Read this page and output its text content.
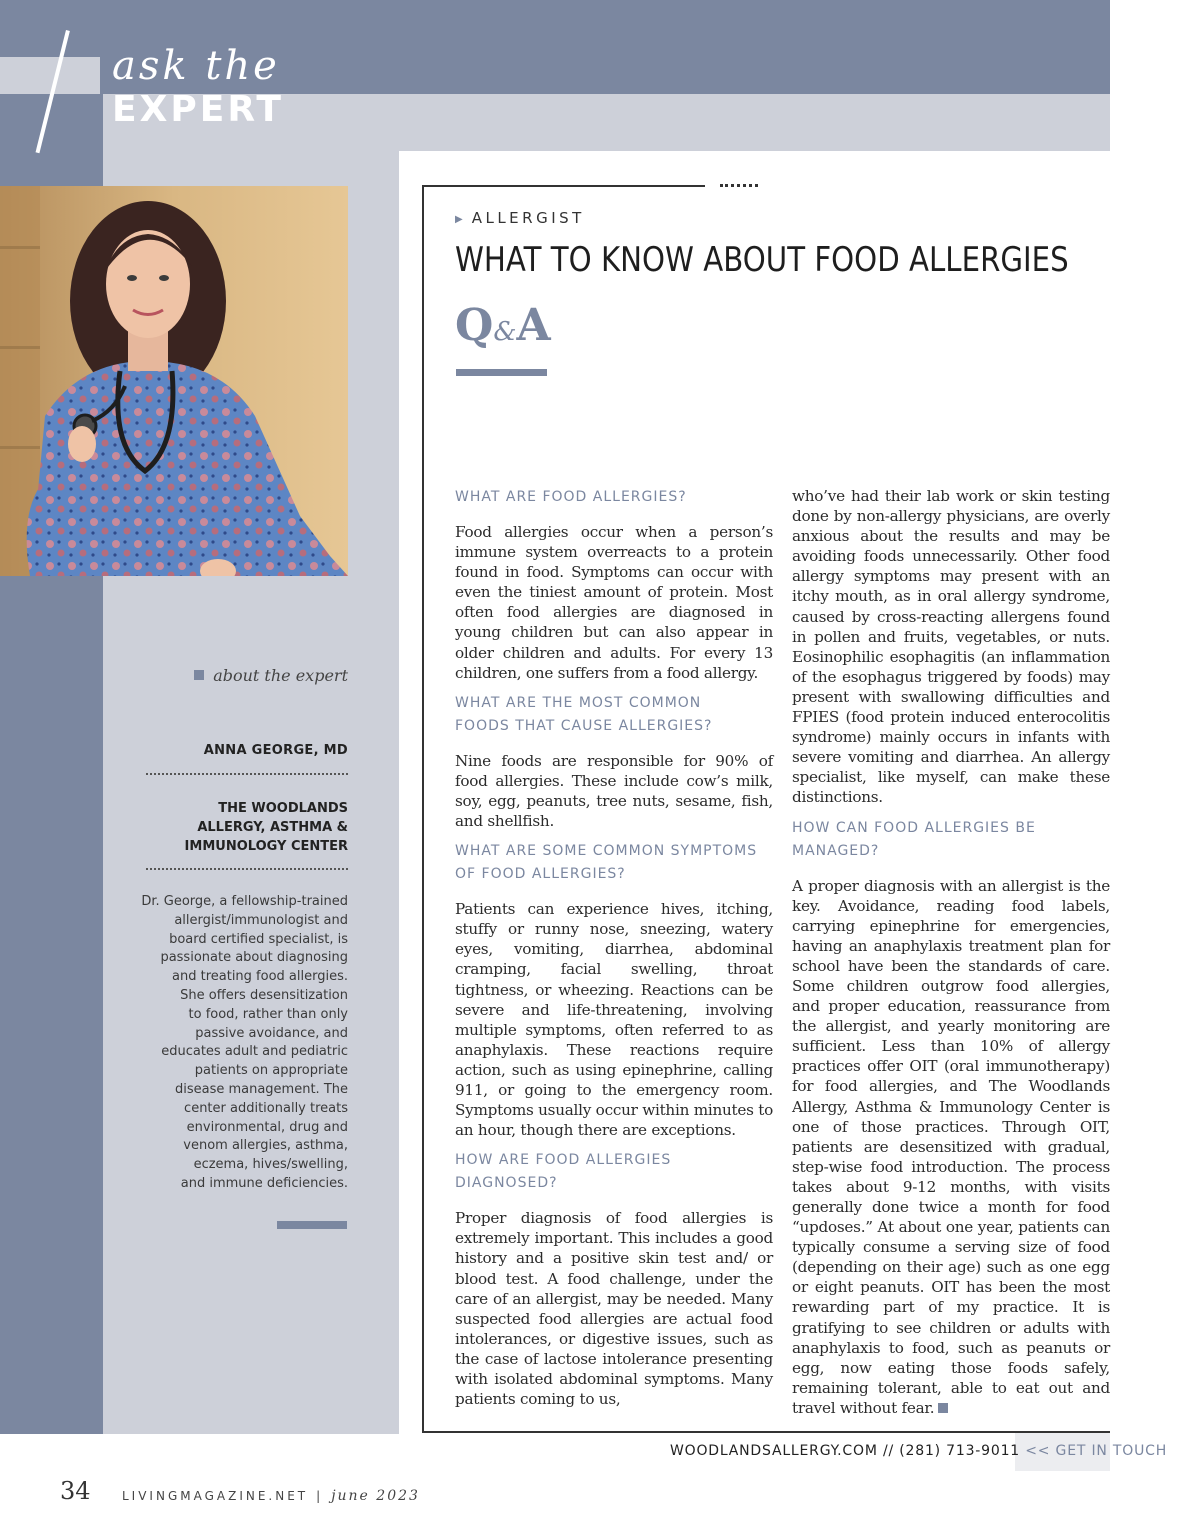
ask the
EXPERT
about the expert
ANNA GEORGE, MD
THE WOODLANDS
ALLERGY, ASTHMA &
IMMUNOLOGY CENTER
Dr. George, a fellowship-trained
allergist/immunologist and
board certified specialist, is
passionate about diagnosing
and treating food allergies.
She offers desensitization
to food, rather than only
passive avoidance, and
educates adult and pediatric
patients on appropriate
disease management. The
center additionally treats
environmental, drug and
venom allergies, asthma,
eczema, hives/swelling,
and immune deficiencies.
▶ ALLERGIST
WHAT TO KNOW ABOUT FOOD ALLERGIES
Q&A
WHAT ARE FOOD ALLERGIES?
Food allergies occur when a person’s immune system overreacts to a protein found in food. Symptoms can occur with even the tiniest amount of protein. Most often food allergies are diagnosed in young children but can also appear in older children and adults. For every 13 children, one suffers from a food allergy.
WHAT ARE THE MOST COMMON
FOODS THAT CAUSE ALLERGIES?
Nine foods are responsible for 90% of food allergies. These include cow’s milk, soy, egg, peanuts, tree nuts, sesame, fish, and shellfish.
WHAT ARE SOME COMMON SYMPTOMS
OF FOOD ALLERGIES?
Patients can experience hives, itching, stuffy or runny nose, sneezing, watery eyes, vomiting, diarrhea, abdominal cramping, facial swelling, throat tightness, or wheezing. Reactions can be severe and life-threatening, involving multiple symptoms, often referred to as anaphylaxis. These reactions require action, such as using epinephrine, calling 911, or going to the emergency room. Symptoms usually occur within minutes to an hour, though there are exceptions.
HOW ARE FOOD ALLERGIES DIAGNOSED?
Proper diagnosis of food allergies is extremely important. This includes a good history and a positive skin test and/ or blood test. A food challenge, under the care of an allergist, may be needed. Many suspected food allergies are actual food intolerances, or digestive issues, such as the case of lactose intolerance presenting with isolated abdominal symptoms. Many patients coming to us,
who’ve had their lab work or skin testing done by non-allergy physicians, are overly anxious about the results and may be avoiding foods unnecessarily. Other food allergy symptoms may present with an itchy mouth, as in oral allergy syndrome, caused by cross-reacting allergens found in pollen and fruits, vegetables, or nuts. Eosinophilic esophagitis (an inflammation of the esophagus triggered by foods) may present with swallowing difficulties and FPIES (food protein induced enterocolitis syndrome) mainly occurs in infants with severe vomiting and diarrhea. An allergy specialist, like myself, can make these distinctions.
HOW CAN FOOD ALLERGIES BE MANAGED?
A proper diagnosis with an allergist is the key. Avoidance, reading food labels, carrying epinephrine for emergencies, having an anaphylaxis treatment plan for school have been the standards of care. Some children outgrow food allergies, and proper education, reassurance from the allergist, and yearly monitoring are sufficient. Less than 10% of allergy practices offer OIT (oral immunotherapy) for food allergies, and The Woodlands Allergy, Asthma & Immunology Center is one of those practices. Through OIT, patients are desensitized with gradual, step-wise food introduction. The process takes about 9-12 months, with visits generally done twice a month for food “updoses.” At about one year, patients can typically consume a serving size of food (depending on their age) such as one egg or eight peanuts. OIT has been the most rewarding part of my practice. It is gratifying to see children or adults with anaphylaxis to food, such as peanuts or egg, now eating those foods safely, remaining tolerant, able to eat out and travel without fear.
WOODLANDSALLERGY.COM // (281) 713-9011 << GET IN TOUCH
34	LIVINGMAGAZINE.NET | june 2023
